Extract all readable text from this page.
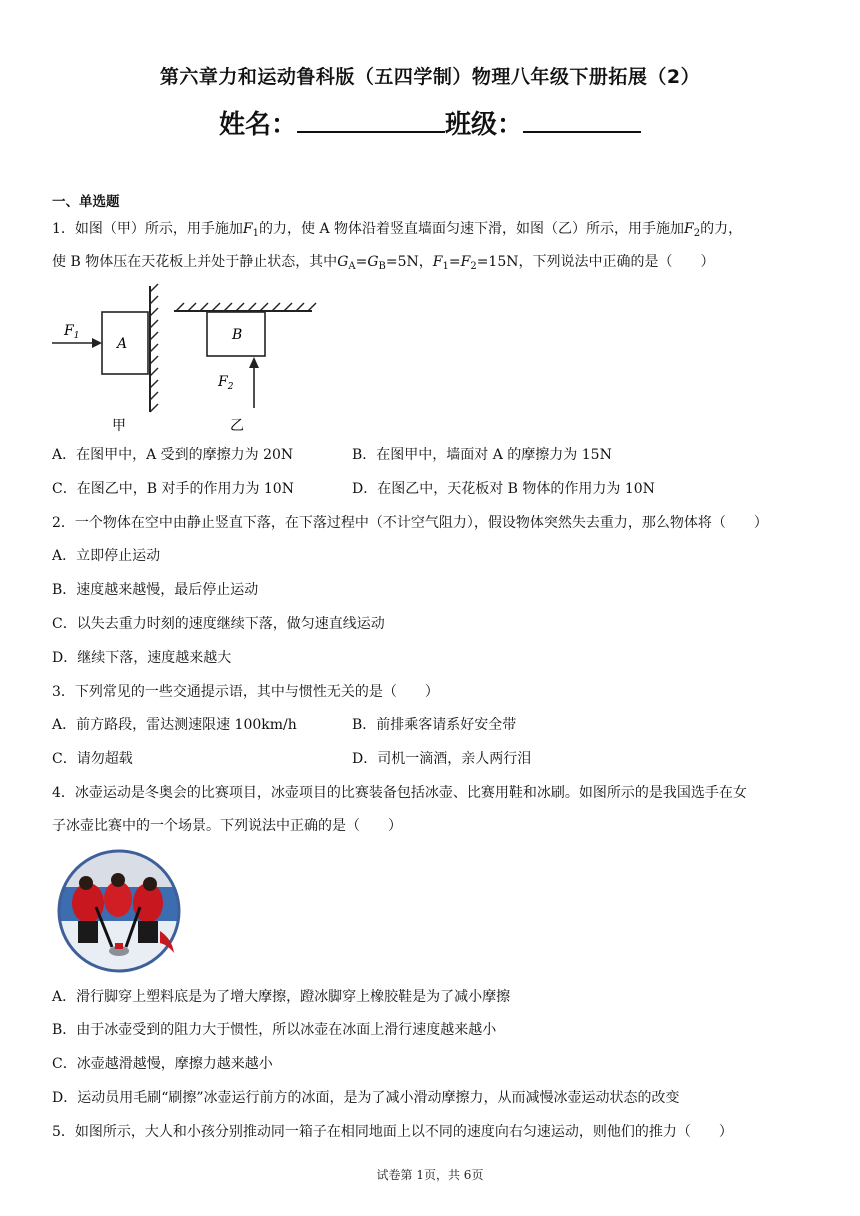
第六章力和运动鲁科版（五四学制）物理八年级下册拓展（2）
姓名：	班级：
一、单选题
1．如图（甲）所示，用手施加$F_1$的力，使 A 物体沿着竖直墙面匀速下滑，如图（乙）所示，用手施加$F_2$的力，
使 B 物体压在天花板上并处于静止状态，其中$G_A=G_B=5N$，$F_1=F_2=15N$，下列说法中正确的是（　　）
A
$F_1$
甲
B
$F_2$
乙
A．在图甲中，A 受到的摩擦力为 20N	B．在图甲中，墙面对 A 的摩擦力为 15N
C．在图乙中，B 对手的作用力为 10N	D．在图乙中，天花板对 B 物体的作用力为 10N
2．一个物体在空中由静止竖直下落，在下落过程中（不计空气阻力），假设物体突然失去重力，那么物体将（　　）
A．立即停止运动
B．速度越来越慢，最后停止运动
C．以失去重力时刻的速度继续下落，做匀速直线运动
D．继续下落，速度越来越大
3．下列常见的一些交通提示语，其中与惯性无关的是（　　）
A．前方路段，雷达测速限速 100km/h	B．前排乘客请系好安全带
C．请勿超载	D．司机一滴酒，亲人两行泪
4．冰壶运动是冬奥会的比赛项目，冰壶项目的比赛装备包括冰壶、比赛用鞋和冰刷。如图所示的是我国选手在女
子冰壶比赛中的一个场景。下列说法中正确的是（　　）
A．滑行脚穿上塑料底是为了增大摩擦，蹬冰脚穿上橡胶鞋是为了减小摩擦
B．由于冰壶受到的阻力大于惯性，所以冰壶在冰面上滑行速度越来越小
C．冰壶越滑越慢，摩擦力越来越小
D．运动员用毛刷“刷擦”冰壶运行前方的冰面，是为了减小滑动摩擦力，从而减慢冰壶运动状态的改变
5．如图所示，大人和小孩分别推动同一箱子在相同地面上以不同的速度向右匀速运动，则他们的推力（　　）
试卷第 1页，共 6页
